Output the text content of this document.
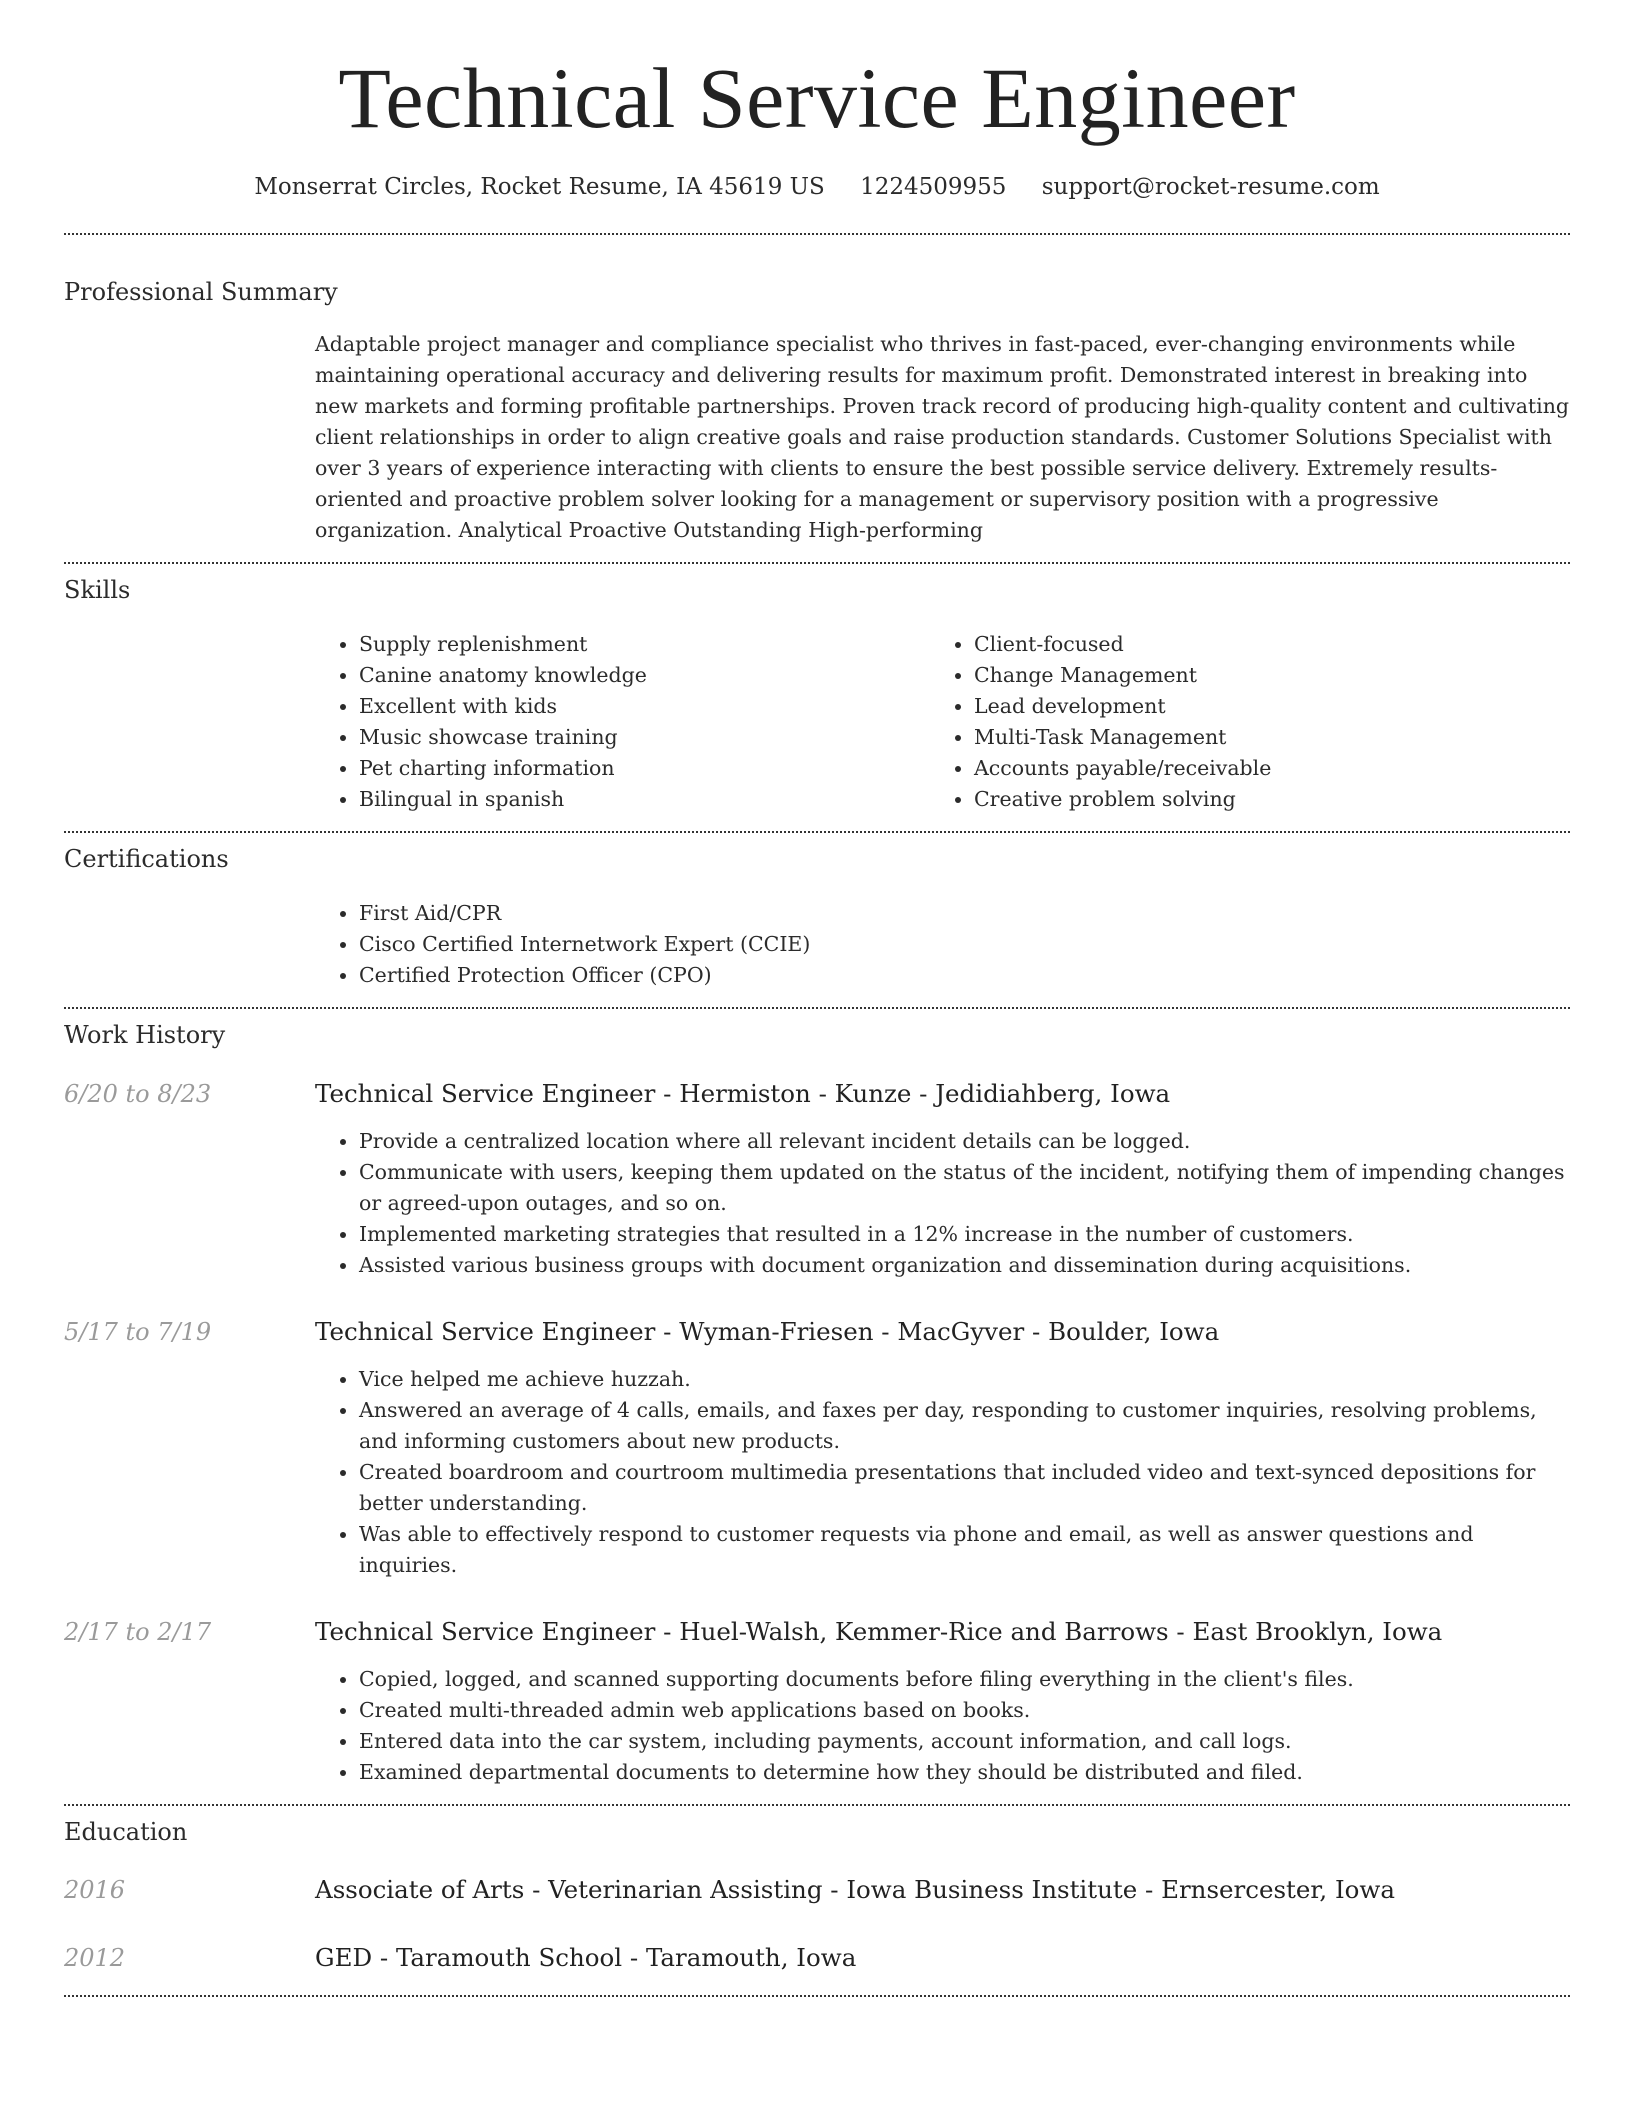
Technical Service Engineer
Monserrat Circles, Rocket Resume, IA 45619 US 1224509955 support@rocket-resume.com
Professional Summary

Adaptable project manager and compliance specialist who thrives in fast-paced, ever-changing environments while maintaining operational accuracy and delivering results for maximum profit. Demonstrated interest in breaking into new markets and forming profitable partnerships. Proven track record of producing high-quality content and cultivating client relationships in order to align creative goals and raise production standards. Customer Solutions Specialist with over 3 years of experience interacting with clients to ensure the best possible service delivery. Extremely results-oriented and proactive problem solver looking for a management or supervisory position with a progressive organization. Analytical Proactive Outstanding High-performing

Skills
• Supply replenishment
• Canine anatomy knowledge
• Excellent with kids
• Music showcase training
• Pet charting information
• Bilingual in spanish
• Client-focused
• Change Management
• Lead development
• Multi-Task Management
• Accounts payable/receivable
• Creative problem solving
Certifications
• First Aid/CPR
• Cisco Certified Internetwork Expert (CCIE)
• Certified Protection Officer (CPO)
Work History
6/20 to 8/23	Technical Service Engineer - Hermiston - Kunze - Jedidiahberg, Iowa
• Provide a centralized location where all relevant incident details can be logged.
• Communicate with users, keeping them updated on the status of the incident, notifying them of impending changes or agreed-upon outages, and so on.
• Implemented marketing strategies that resulted in a 12% increase in the number of customers.
• Assisted various business groups with document organization and dissemination during acquisitions.
5/17 to 7/19	Technical Service Engineer - Wyman-Friesen - MacGyver - Boulder, Iowa
• Vice helped me achieve huzzah.
• Answered an average of 4 calls, emails, and faxes per day, responding to customer inquiries, resolving problems, and informing customers about new products.
• Created boardroom and courtroom multimedia presentations that included video and text-synced depositions for better understanding.
• Was able to effectively respond to customer requests via phone and email, as well as answer questions and inquiries.
2/17 to 2/17	Technical Service Engineer - Huel-Walsh, Kemmer-Rice and Barrows - East Brooklyn, Iowa
• Copied, logged, and scanned supporting documents before filing everything in the client's files.
• Created multi-threaded admin web applications based on books.
• Entered data into the car system, including payments, account information, and call logs.
• Examined departmental documents to determine how they should be distributed and filed.
Education
2016	Associate of Arts - Veterinarian Assisting - Iowa Business Institute - Ernsercester, Iowa
2012	GED - Taramouth School - Taramouth, Iowa
